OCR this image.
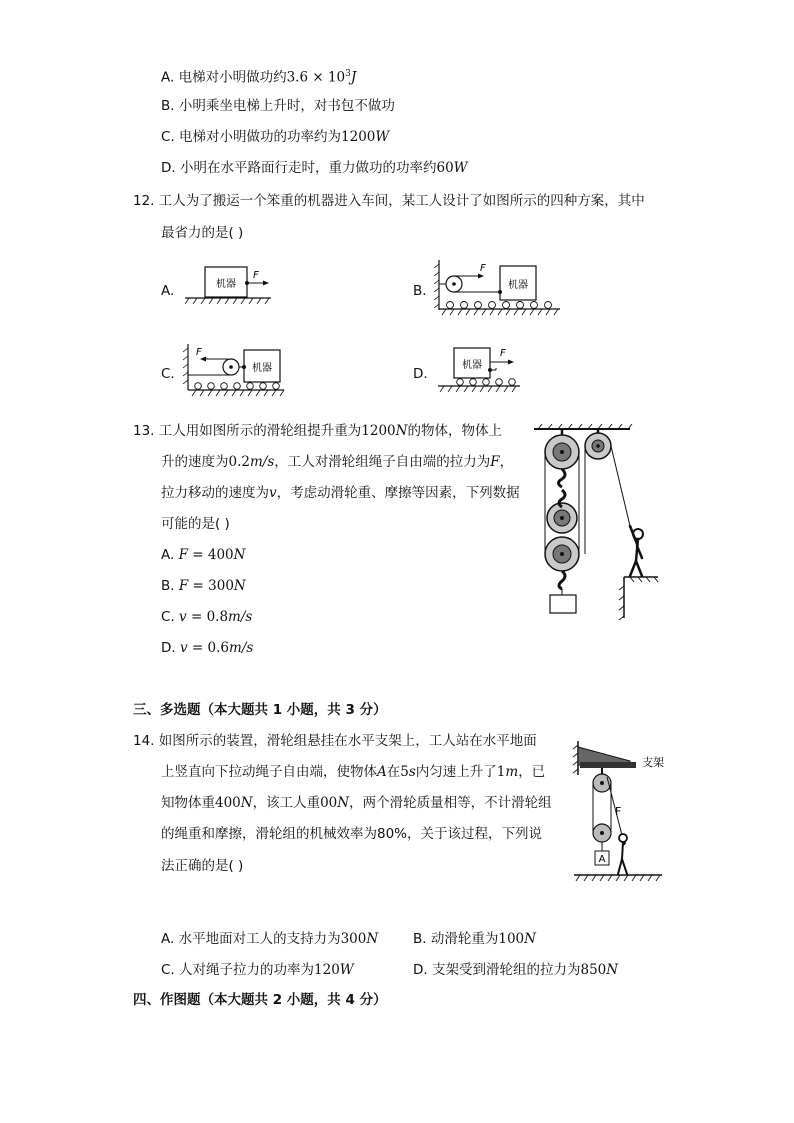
A. 电梯对小明做功约$3.6 \times 10^3J$
B. 小明乘坐电梯上升时，对书包不做功
C. 电梯对小明做功的功率约为1200W
D. 小明在水平路面行走时，重力做功的功率约60W
12. 工人为了搬运一个笨重的机器进入车间，某工人设计了如图所示的四种方案，其中
最省力的是( )
A.	机器
F
B.
F
机器
C.
F
机器	D.
机器
F
13. 工人用如图所示的滑轮组提升重为1200N的物体，物体上
升的速度为0.2m/s，工人对滑轮组绳子自由端的拉力为F，
拉力移动的速度为v，考虑动滑轮重、摩擦等因素，下列数据
可能的是( )
A. F = 400N
B. F = 300N
C. v = 0.8m/s
D. v = 0.6m/s
三、多选题（本大题共 1 小题，共 3 分）
14. 如图所示的装置，滑轮组悬挂在水平支架上，工人站在水平地面
上竖直向下拉动绳子自由端，使物体A在5s内匀速上升了1m，已
知物体重400N，该工人重00N，两个滑轮质量相等，不计滑轮组
的绳重和摩擦，滑轮组的机械效率为80%，关于该过程，下列说
法正确的是( )
支架
F
A
A. 水平地面对工人的支持力为300N	B. 动滑轮重为100N
C. 人对绳子拉力的功率为120W	D. 支架受到滑轮组的拉力为850N
四、作图题（本大题共 2 小题，共 4 分）
